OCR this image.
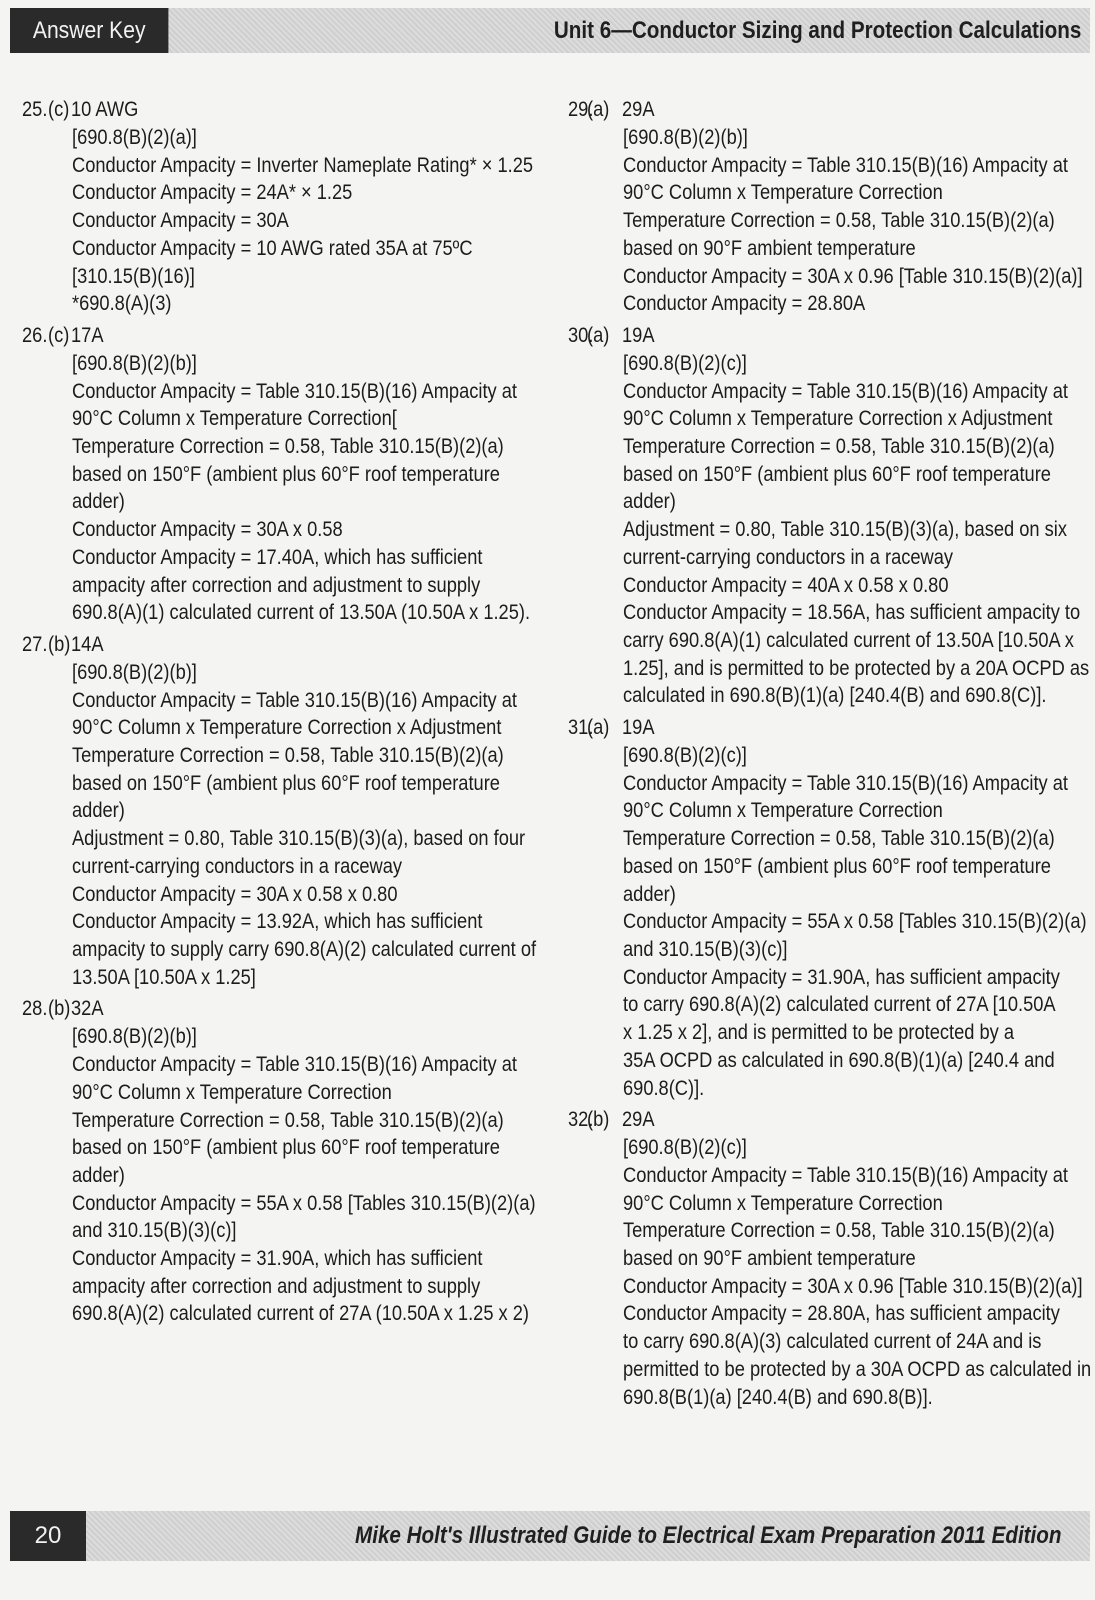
Answer Key	Unit 6—Conductor Sizing and Protection Calculations
25. (c) 10 AWG
[690.8(B)(2)(a)]
Conductor Ampacity = Inverter Nameplate Rating* × 1.25
Conductor Ampacity = 24A* × 1.25
Conductor Ampacity = 30A
Conductor Ampacity = 10 AWG rated 35A at 75ºC
[310.15(B)(16)]
*690.8(A)(3)
26. (c) 17A
[690.8(B)(2)(b)]
Conductor Ampacity = Table 310.15(B)(16) Ampacity at
90°C Column x Temperature Correction[
Temperature Correction = 0.58, Table 310.15(B)(2)(a)
based on 150°F (ambient plus 60°F roof temperature
adder)
Conductor Ampacity = 30A x 0.58
Conductor Ampacity = 17.40A, which has sufficient
ampacity after correction and adjustment to supply
690.8(A)(1) calculated current of 13.50A (10.50A x 1.25).
27. (b) 14A
[690.8(B)(2)(b)]
Conductor Ampacity = Table 310.15(B)(16) Ampacity at
90°C Column x Temperature Correction x Adjustment
Temperature Correction = 0.58, Table 310.15(B)(2)(a)
based on 150°F (ambient plus 60°F roof temperature
adder)
Adjustment = 0.80, Table 310.15(B)(3)(a), based on four
current-carrying conductors in a raceway
Conductor Ampacity = 30A x 0.58 x 0.80
Conductor Ampacity = 13.92A, which has sufficient
ampacity to supply carry 690.8(A)(2) calculated current of
13.50A [10.50A x 1.25]
28. (b) 32A
[690.8(B)(2)(b)]
Conductor Ampacity = Table 310.15(B)(16) Ampacity at
90°C Column x Temperature Correction
Temperature Correction = 0.58, Table 310.15(B)(2)(a)
based on 150°F (ambient plus 60°F roof temperature
adder)
Conductor Ampacity = 55A x 0.58 [Tables 310.15(B)(2)(a)
and 310.15(B)(3)(c)]
Conductor Ampacity = 31.90A, which has sufficient
ampacity after correction and adjustment to supply
690.8(A)(2) calculated current of 27A (10.50A x 1.25 x 2)
29.
(a) 29A
[690.8(B)(2)(b)]
Conductor Ampacity = Table 310.15(B)(16) Ampacity at
90°C Column x Temperature Correction
Temperature Correction = 0.58, Table 310.15(B)(2)(a)
based on 90°F ambient temperature
Conductor Ampacity = 30A x 0.96 [Table 310.15(B)(2)(a)]
Conductor Ampacity = 28.80A
30.
(a) 19A
[690.8(B)(2)(c)]
Conductor Ampacity = Table 310.15(B)(16) Ampacity at
90°C Column x Temperature Correction x Adjustment
Temperature Correction = 0.58, Table 310.15(B)(2)(a)
based on 150°F (ambient plus 60°F roof temperature
adder)
Adjustment = 0.80, Table 310.15(B)(3)(a), based on six
current-carrying conductors in a raceway
Conductor Ampacity = 40A x 0.58 x 0.80
Conductor Ampacity = 18.56A, has sufficient ampacity to
carry 690.8(A)(1) calculated current of 13.50A [10.50A x
1.25], and is permitted to be protected by a 20A OCPD as
calculated in 690.8(B)(1)(a) [240.4(B) and 690.8(C)].
31.
(a) 19A
[690.8(B)(2)(c)]
Conductor Ampacity = Table 310.15(B)(16) Ampacity at
90°C Column x Temperature Correction
Temperature Correction = 0.58, Table 310.15(B)(2)(a)
based on 150°F (ambient plus 60°F roof temperature
adder)
Conductor Ampacity = 55A x 0.58 [Tables 310.15(B)(2)(a)
and 310.15(B)(3)(c)]
Conductor Ampacity = 31.90A, has sufficient ampacity
to carry 690.8(A)(2) calculated current of 27A [10.50A
x 1.25 x 2], and is permitted to be protected by a
35A OCPD as calculated in 690.8(B)(1)(a) [240.4 and
690.8(C)].
32.
(b) 29A
[690.8(B)(2)(c)]
Conductor Ampacity = Table 310.15(B)(16) Ampacity at
90°C Column x Temperature Correction
Temperature Correction = 0.58, Table 310.15(B)(2)(a)
based on 90°F ambient temperature
Conductor Ampacity = 30A x 0.96 [Table 310.15(B)(2)(a)]
Conductor Ampacity = 28.80A, has sufficient ampacity
to carry 690.8(A)(3) calculated current of 24A and is
permitted to be protected by a 30A OCPD as calculated in
690.8(B(1)(a) [240.4(B) and 690.8(B)].
20	Mike Holt's Illustrated Guide to Electrical Exam Preparation 2011 Edition
